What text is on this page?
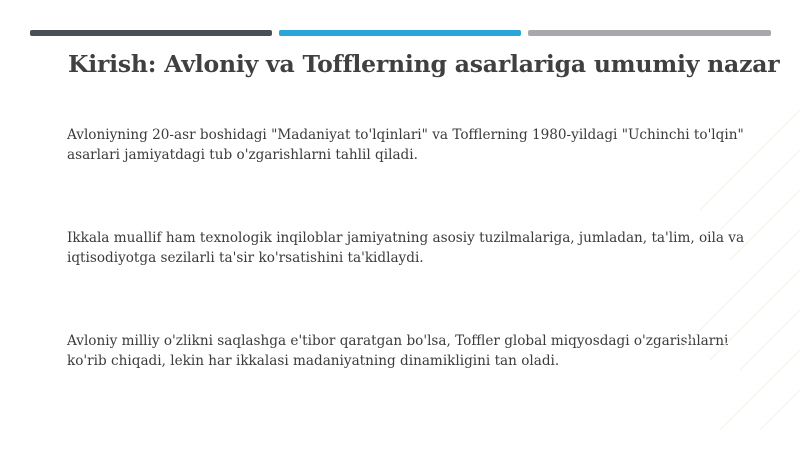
Kirish: Avloniy va Tofflerning asarlariga umumiy nazar
Avloniyning 20-asr boshidagi "Madaniyat to'lqinlari" va Tofflerning 1980-yildagi "Uchinchi to'lqin" asarlari jamiyatdagi tub o'zgarishlarni tahlil qiladi.
Ikkala muallif ham texnologik inqiloblar jamiyatning asosiy tuzilmalariga, jumladan, ta'lim, oila va iqtisodiyotga sezilarli ta'sir ko'rsatishini ta'kidlaydi.
Avloniy milliy o'zlikni saqlashga e'tibor qaratgan bo'lsa, Toffler global miqyosdagi o'zgarishlarni ko'rib chiqadi, lekin har ikkalasi madaniyatning dinamikligini tan oladi.
